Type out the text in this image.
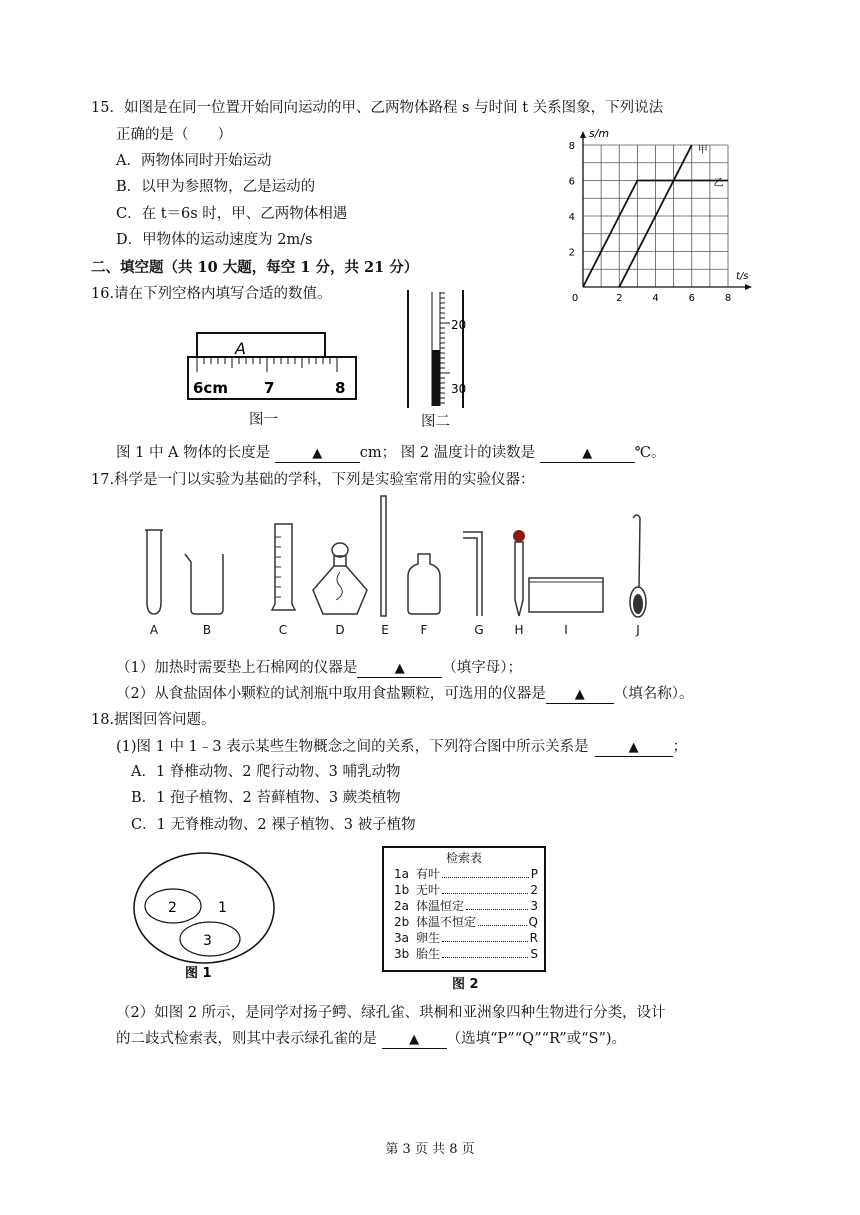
15．如图是在同一位置开始同向运动的甲、乙两物体路程 s 与时间 t 关系图象，下列说法
正确的是（　　）
A．两物体同时开始运动
B．以甲为参照物，乙是运动的
C．在 t＝6s 时，甲、乙两物体相遇
D．甲物体的运动速度为 2m/s
0	2	4	6	8
2
4
6
8
t/s
s/m
甲
乙
二、填空题（共 10 大题，每空 1 分，共 21 分）
16.请在下列空格内填写合适的数值。
A
6cm 7	8
图一
20
30
图二
图 1 中 A 物体的长度是	▲	cm； 图 2 温度计的读数是	▲	℃。
17.科学是一门以实验为基础的学科，下列是实验室常用的实验仪器：
A	B	C	D	E	F	G	H	I	J
（1）加热时需要垫上石棉网的仪器是	▲	（填字母）；
（2）从食盐固体小颗粒的试剂瓶中取用食盐颗粒，可选用的仪器是 ▲ （填名称）。
18.据图回答问题。
(1)图 1 中 1﹣3 表示某些生物概念之间的关系，下列符合图中所示关系是	▲ ；
A．1 脊椎动物、2 爬行动物、3 哺乳动物
B．1 孢子植物、2 苔藓植物、3 蕨类植物
C．1 无脊椎动物、2 裸子植物、3 被子植物
1
2
3
图 1
检索表
1a 有叶	P
1b 无叶	2
2a 体温恒定	3
2b 体温不恒定	Q
3a 卵生	R
3b 胎生	S
图 2
（2）如图 2 所示，是同学对扬子鳄、绿孔雀、珙桐和亚洲象四种生物进行分类，设计
的二歧式检索表，则其中表示绿孔雀的是 ▲ （选填“P”“Q”“R”或“S”)。
第 3 页 共 8 页
